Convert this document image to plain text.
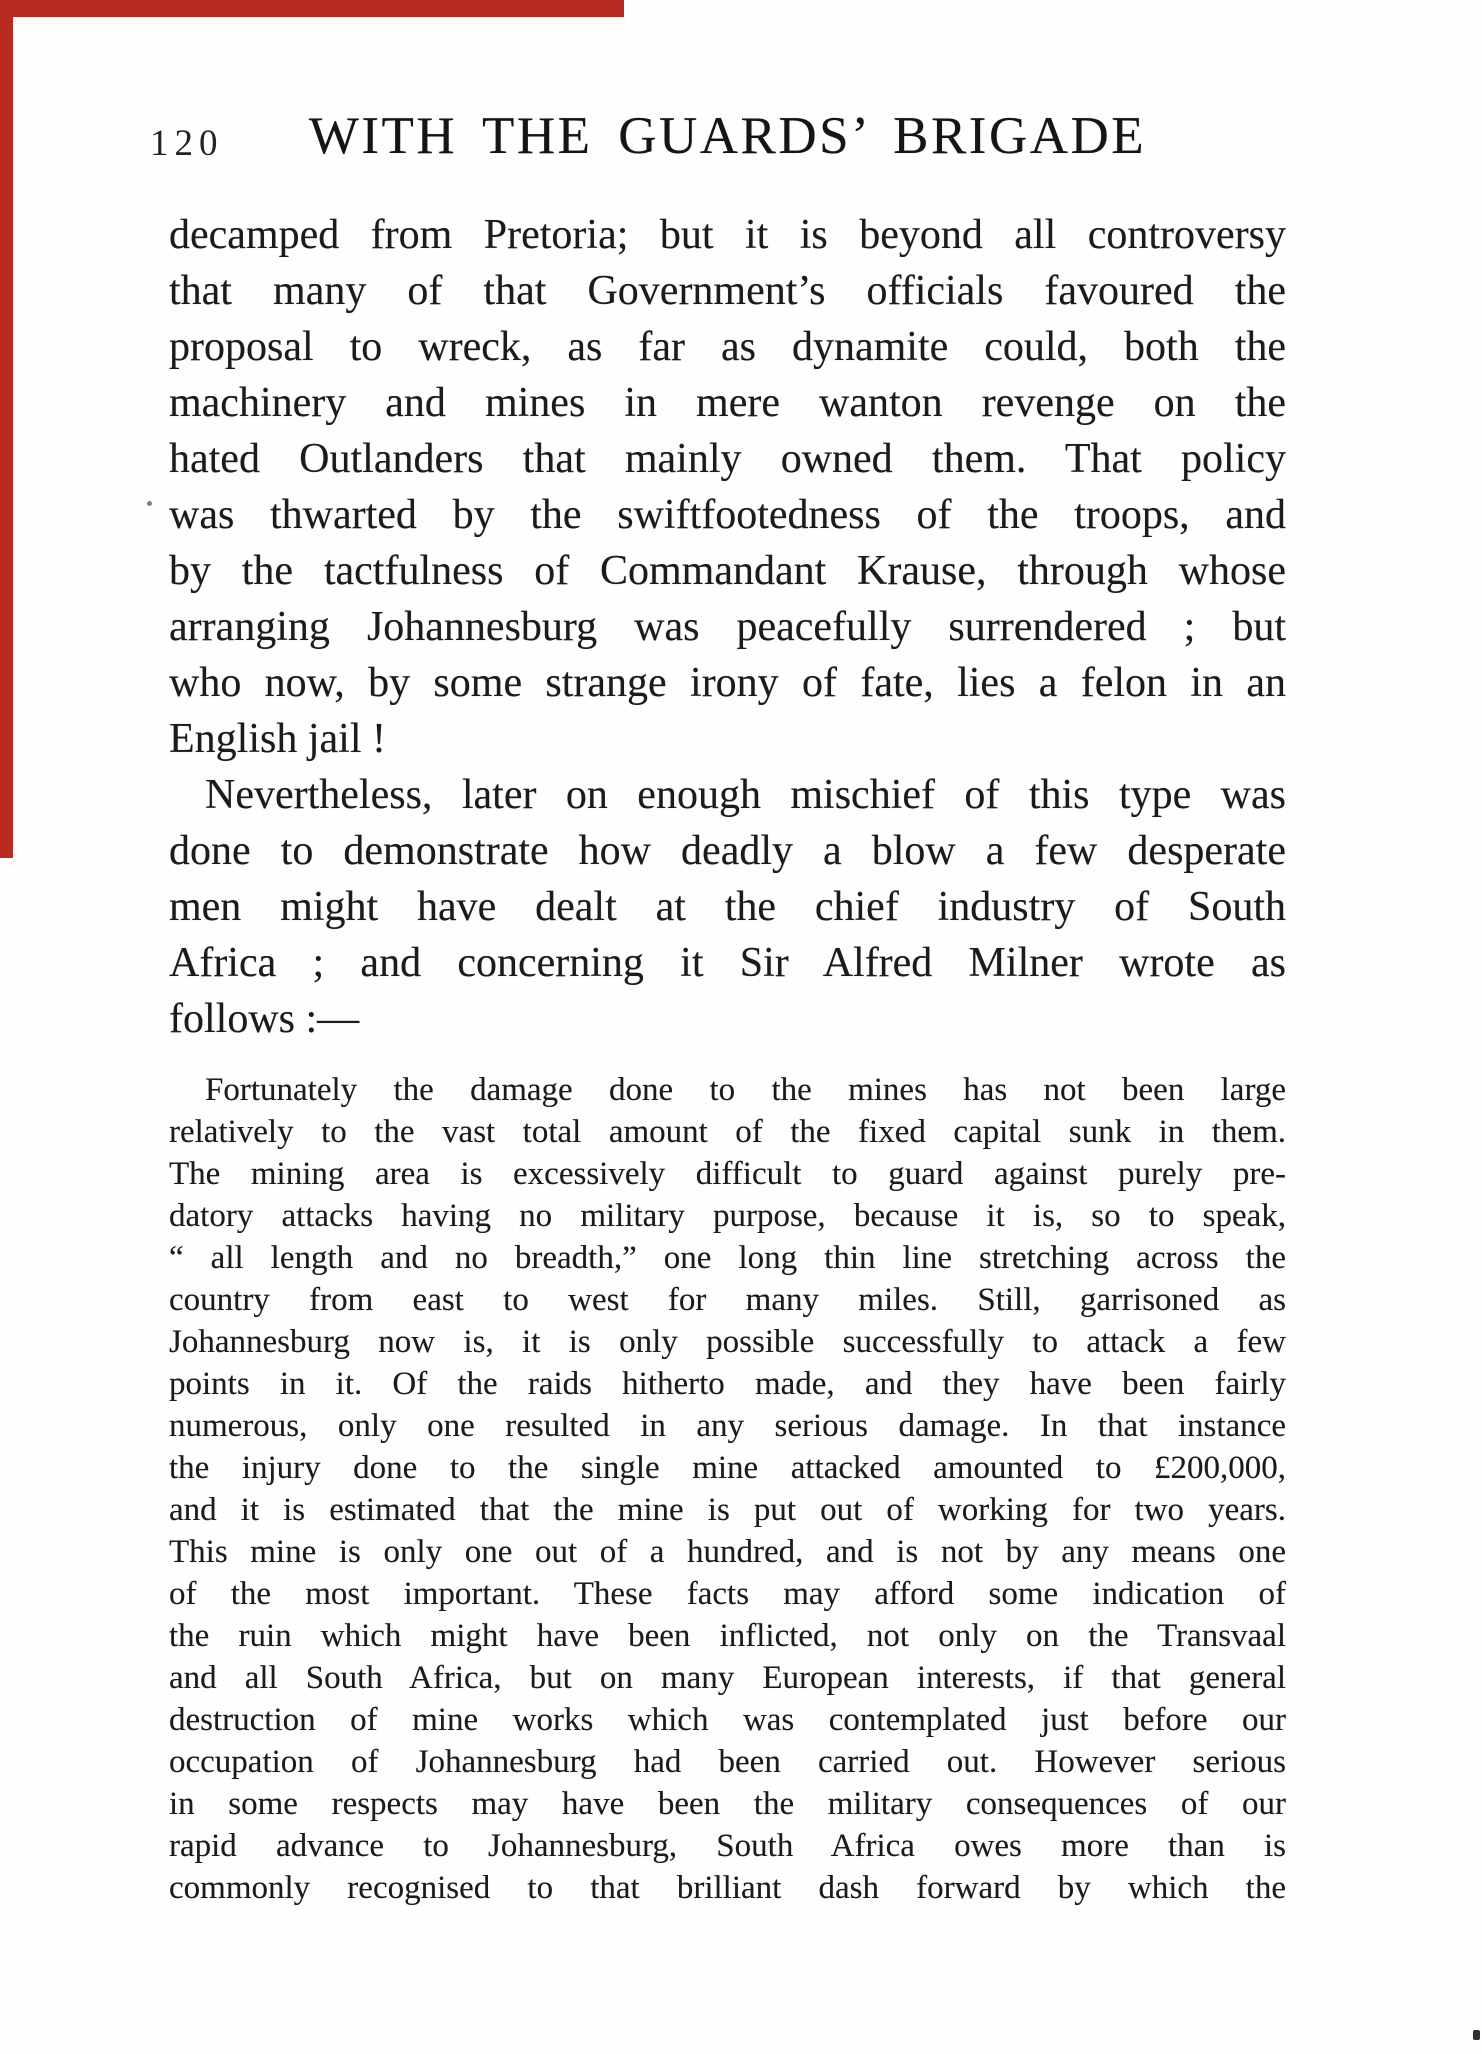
120	WITH THE GUARDS’ BRIGADE
decamped from Pretoria; but it is beyond all controversy
that many of that Government’s officials favoured the
proposal to wreck, as far as dynamite could, both the
machinery and mines in mere wanton revenge on the
hated Outlanders that mainly owned them. That policy
was thwarted by the swiftfootedness of the troops, and
by the tactfulness of Commandant Krause, through whose
arranging Johannesburg was peacefully surrendered ; but
who now, by some strange irony of fate, lies a felon in an
English jail !
Nevertheless, later on enough mischief of this type was
done to demonstrate how deadly a blow a few desperate
men might have dealt at the chief industry of South
Africa ; and concerning it Sir Alfred Milner wrote as
follows :—
Fortunately the damage done to the mines has not been large
relatively to the vast total amount of the fixed capital sunk in them.
The mining area is excessively difficult to guard against purely pre-
datory attacks having no military purpose, because it is, so to speak,
“ all length and no breadth,” one long thin line stretching across the
country from east to west for many miles. Still, garrisoned as
Johannesburg now is, it is only possible successfully to attack a few
points in it. Of the raids hitherto made, and they have been fairly
numerous, only one resulted in any serious damage. In that instance
the injury done to the single mine attacked amounted to £200,000,
and it is estimated that the mine is put out of working for two years.
This mine is only one out of a hundred, and is not by any means one
of the most important. These facts may afford some indication of
the ruin which might have been inflicted, not only on the Transvaal
and all South Africa, but on many European interests, if that general
destruction of mine works which was contemplated just before our
occupation of Johannesburg had been carried out. However serious
in some respects may have been the military consequences of our
rapid advance to Johannesburg, South Africa owes more than is
commonly recognised to that brilliant dash forward by which the
